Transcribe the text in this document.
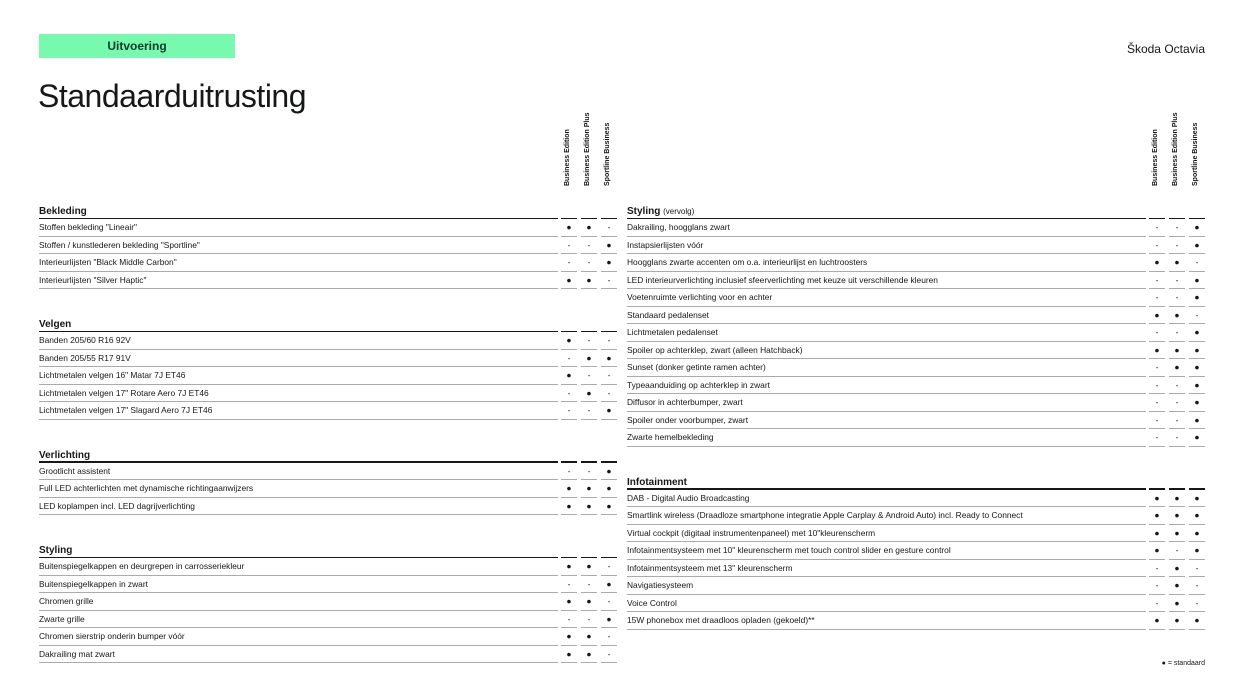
Uitvoering	Škoda Octavia
Standaarduitrusting
Business Edition Business Edition Plus Sportline Business
Bekleding
Stoffen bekleding "Lineair"	●	●	-
Stoffen / kunstlederen bekleding "Sportline"	-	-	●
Interieurlijsten "Black Middle Carbon"	-	-	●
Interieurlijsten "Silver Haptic"	●	●	-
Velgen
Banden 205/60 R16 92V	●	-	-
Banden 205/55 R17 91V	-	●	●
Lichtmetalen velgen 16" Matar 7J ET46	●	-	-
Lichtmetalen velgen 17" Rotare Aero 7J ET46	-	●	-
Lichtmetalen velgen 17" Slagard Aero 7J ET46	-	-	●
Verlichting
Grootlicht assistent	-	-	●
Full LED achterlichten met dynamische richtingaanwijzers	●	●	●
LED koplampen incl. LED dagrijverlichting	●	●	●
Styling
Buitenspiegelkappen en deurgrepen in carrosseriekleur	●	●	-
Buitenspiegelkappen in zwart	-	-	●
Chromen grille	●	●	-
Zwarte grille	-	-	●
Chromen sierstrip onderin bumper vóór	●	●	-
Dakrailing mat zwart	●	●	-
Business Edition Business Edition Plus Sportline Business
Styling (vervolg)
Dakrailing, hoogglans zwart	-	-	●
Instapsierlijsten vóór	-	-	●
Hoogglans zwarte accenten om o.a. interieurlijst en luchtroosters	●	●	-
LED interieurverlichting inclusief sfeerverlichting met keuze uit verschillende kleuren	-	-	●
Voetenruimte verlichting voor en achter	-	-	●
Standaard pedalenset	●	●	-
Lichtmetalen pedalenset	-	-	●
Spoiler op achterklep, zwart (alleen Hatchback)	●	●	●
Sunset (donker getinte ramen achter)	-	●	●
Typeaanduiding op achterklep in zwart	-	-	●
Diffusor in achterbumper, zwart	-	-	●
Spoiler onder voorbumper, zwart	-	-	●
Zwarte hemelbekleding	-	-	●
Infotainment
DAB - Digital Audio Broadcasting	●	●	●
Smartlink wireless (Draadloze smartphone integratie Apple Carplay & Android Auto) incl. Ready to Connect	●	●	●
Virtual cockpit (digitaal instrumentenpaneel) met 10"kleurenscherm	●	●	●
Infotainmentsysteem met 10" kleurenscherm met touch control slider en gesture control	●	-	●
Infotainmentsysteem met 13" kleurenscherm	-	●	-
Navigatiesysteem	-	●	-
Voice Control	-	●	-
15W phonebox met draadloos opladen (gekoeld)**	●	●	●
● = standaard
